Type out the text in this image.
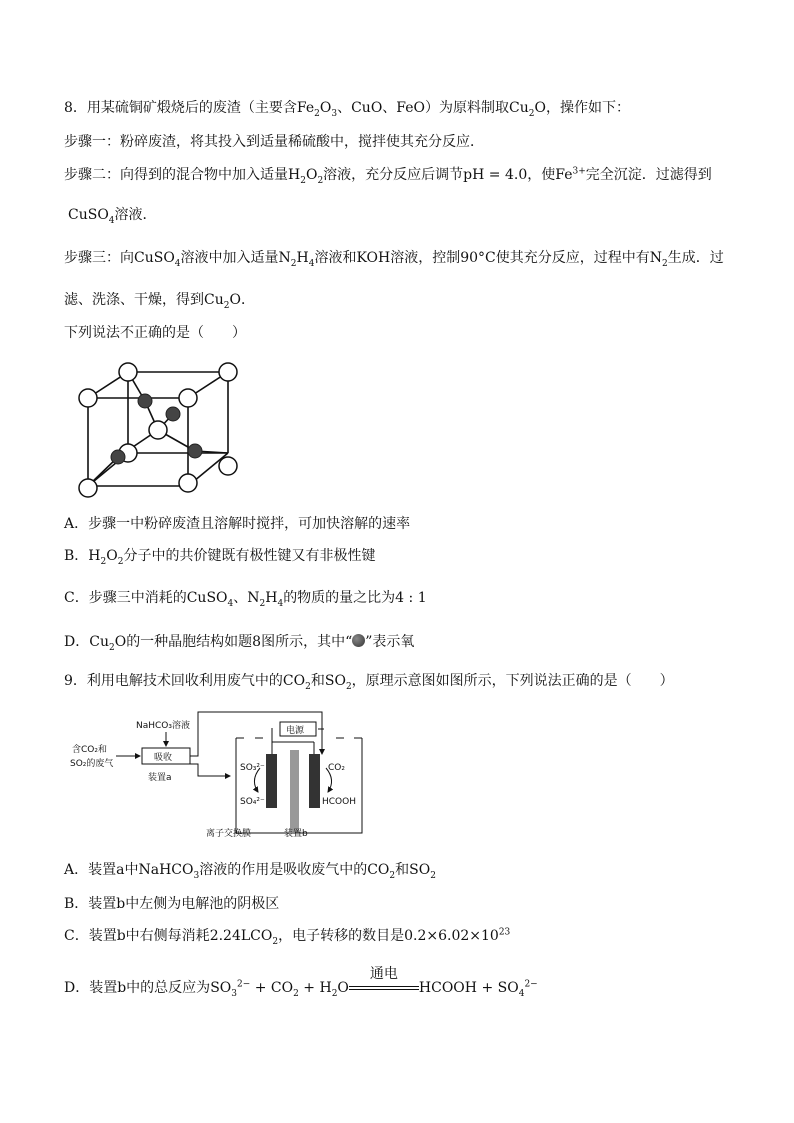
8．用某硫铜矿煅烧后的废渣（主要含$Fe_2O_3$、CuO、FeO）为原料制取$Cu_2O$，操作如下：
步骤一：粉碎废渣，将其投入到适量稀硫酸中，搅拌使其充分反应．
步骤二：向得到的混合物中加入适量$H_2O_2$溶液，充分反应后调节pH = 4.0，使$Fe^{3+}$完全沉淀．过滤得到
CuSO$_4$溶液．
步骤三：向CuSO$_4$溶液中加入适量$N_2H_4$溶液和KOH溶液，控制90°C使其充分反应，过程中有$N_2$生成．过
滤、洗涤、干燥，得到$Cu_2O$．
下列说法不正确的是（　　）
A．步骤一中粉碎废渣且溶解时搅拌，可加快溶解的速率
B．$H_2O_2$分子中的共价键既有极性键又有非极性键
C．步骤三中消耗的CuSO$_4$、$N_2H_4$的物质的量之比为4 : 1
D．$Cu_2O$的一种晶胞结构如题8图所示，其中“ ”表示氧
9．利用电解技术回收利用废气中的$CO_2$和$SO_2$，原理示意图如图所示，下列说法正确的是（　　）
NaHCO₃溶液
吸收
含CO₂和
SO₂的废气
装置a
电源
SO₃²⁻
SO₄²⁻
CO₂
HCOOH
离子交换膜	装置b
A．装置a中NaHCO$_3$溶液的作用是吸收废气中的$CO_2$和$SO_2$
B．装置b中左侧为电解池的阴极区
C．装置b中右侧每消耗$2.24LCO_2$，电子转移的数目是$0.2\times 6.02\times 10^{23}$
D．装置b中的总反应为$SO_3^{2-} + CO_2 + H_2O$
通电
HCOOH + $SO_4^{2-}$
